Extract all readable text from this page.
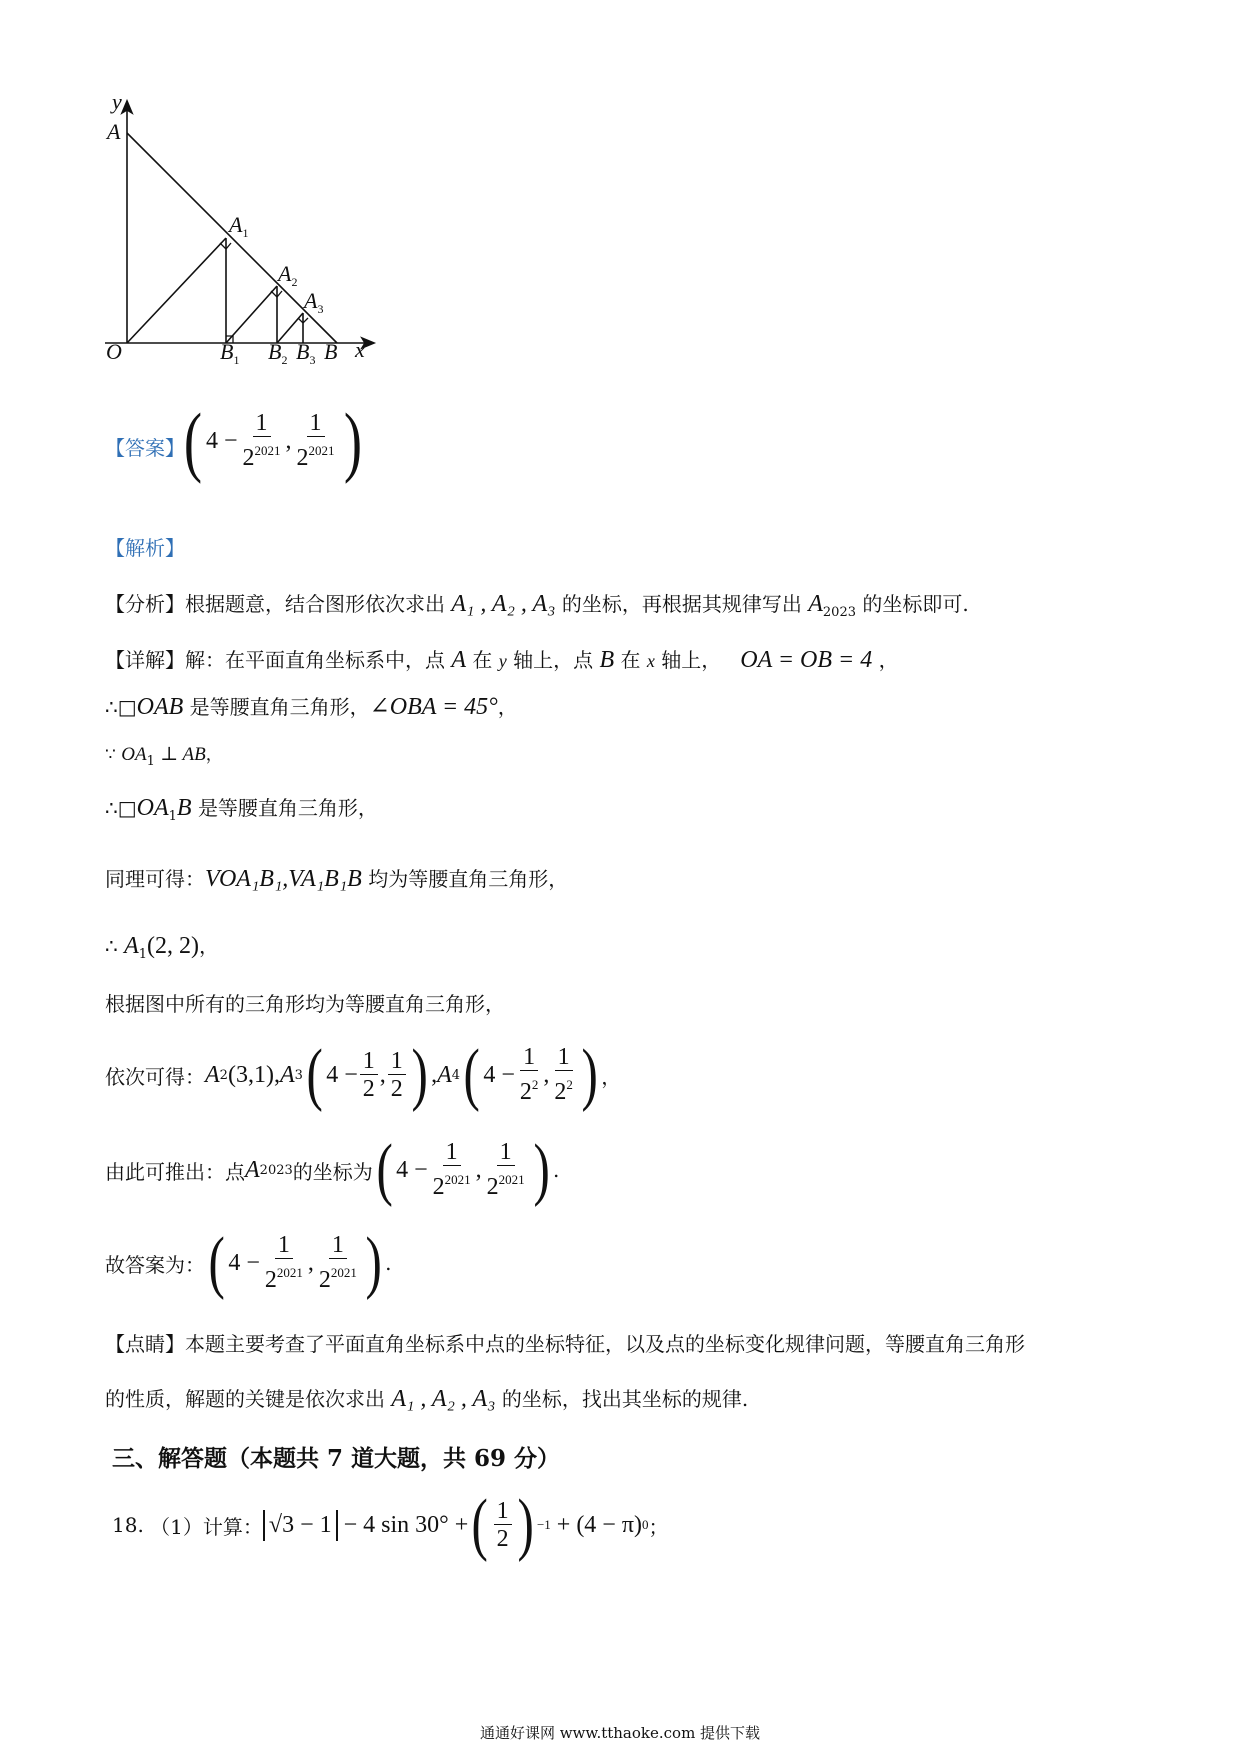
y
A
$A_1$
$A_2$
$A_3$
O	$B_1$ $B_2$ $B_3$ B x
【答案】
( 4
− $\frac{1}{2^{2021}}$ , $\frac{1}{2^{2021}}$ )
【解析】
【分析】根据题意，结合图形依次求出 A₁ , A₂ , A₃ 的坐标，再根据其规律写出 $A_{2023}$ 的坐标即可.
【详解】解：在平面直角坐标系中，点 A 在 y 轴上，点 B 在 x 轴上， OA = OB = 4 ，
∴□OAB 是等腰直角三角形，∠OBA = 45°，
∵ $OA_1$ ⊥ AB，
$\therefore□OA_1B$ 是等腰直角三角形，
同理可得：VOA₁B₁,VA₁B₁B 均为等腰直角三角形，
∴ $A_1(2$, 2)，
根据图中所有的三角形均为等腰直角三角形，
依次可得： A 2 (3,1), A 3 ( 4
− $\frac{1}{2}$ , $\frac{1}{2}$ ) , A 4 ( 4
− $\frac{1}{2^2}$ , $\frac{1}{2^2}$ ) ，
由此可推出：点 A 2023 的坐标为 ( 4
− $\frac{1}{2^{2021}}$ , $\frac{1}{2^{2021}}$ ) .
故答案为： ( 4
− $\frac{1}{2^{2021}}$ , $\frac{1}{2^{2021}}$ ) .
【点睛】本题主要考查了平面直角坐标系中点的坐标特征，以及点的坐标变化规律问题，等腰直角三角形
的性质，解题的关键是依次求出 A₁ , A₂ , A₃ 的坐标，找出其坐标的规律.
三、解答题（本题共 7 道大题，共 69 分）
18.
（1）计算： √3 − 1
− 4 sin 30° + ( $\frac{1}{2}$ ) −1
+ (4 − π) 0 ；
通通好课网 www.tthaoke.com 提供下载
